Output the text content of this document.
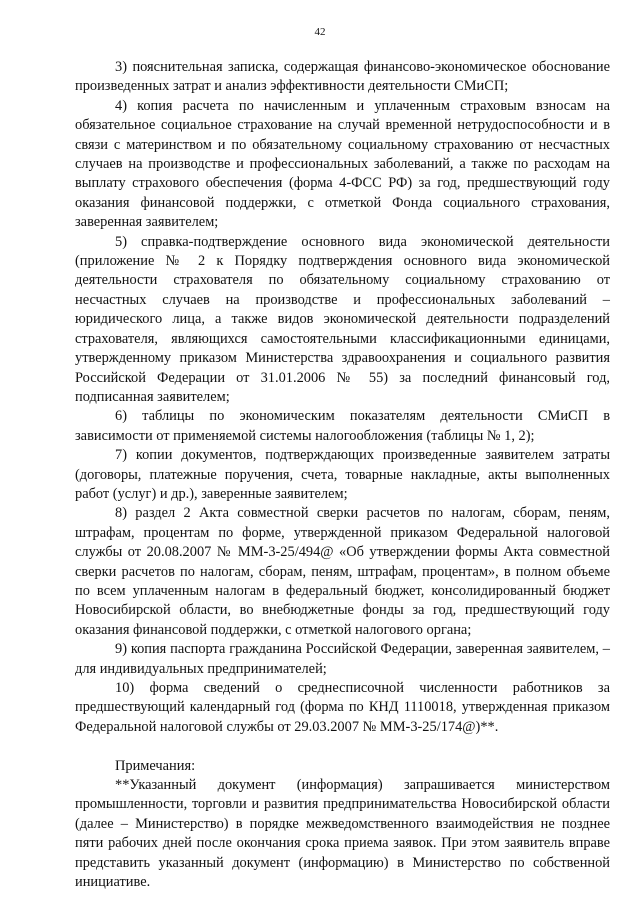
42

3) пояснительная записка, содержащая финансово-экономическое обоснование произведенных затрат и анализ эффективности деятельности СМиСП;

4) копия расчета по начисленным и уплаченным страховым взносам на обязательное социальное страхование на случай временной нетрудоспособности и в связи с материнством и по обязательному социальному страхованию от несчастных случаев на производстве и профессиональных заболеваний, а также по расходам на выплату страхового обеспечения (форма 4-ФСС РФ) за год, предшествующий году оказания финансовой поддержки, с отметкой Фонда социального страхования, заверенная заявителем;

5) справка-подтверждение основного вида экономической деятельности (приложение № 2 к Порядку подтверждения основного вида экономической деятельности страхователя по обязательному социальному страхованию от несчастных случаев на производстве и профессиональных заболеваний – юридического лица, а также видов экономической деятельности подразделений страхователя, являющихся самостоятельными классификационными единицами, утвержденному приказом Министерства здравоохранения и социального развития Российской Федерации от 31.01.2006 № 55) за последний финансовый год, подписанная заявителем;

6) таблицы по экономическим показателям деятельности СМиСП в зависимости от применяемой системы налогообложения (таблицы № 1, 2);

7) копии документов, подтверждающих произведенные заявителем затраты (договоры, платежные поручения, счета, товарные накладные, акты выполненных работ (услуг) и др.), заверенные заявителем;

8) раздел 2 Акта совместной сверки расчетов по налогам, сборам, пеням, штрафам, процентам по форме, утвержденной приказом Федеральной налоговой службы от 20.08.2007 № ММ-3-25/494@ «Об утверждении формы Акта совместной сверки расчетов по налогам, сборам, пеням, штрафам, процентам», в полном объеме по всем уплаченным налогам в федеральный бюджет, консолидированный бюджет Новосибирской области, во внебюджетные фонды за год, предшествующий году оказания финансовой поддержки, с отметкой налогового органа;

9) копия паспорта гражданина Российской Федерации, заверенная заявителем, – для индивидуальных предпринимателей;

10) форма сведений о среднесписочной численности работников за предшествующий календарный год (форма по КНД 1110018, утвержденная приказом Федеральной налоговой службы от 29.03.2007 № ММ-3-25/174@)**.

Примечания:

**Указанный документ (информация) запрашивается министерством промышленности, торговли и развития предпринимательства Новосибирской области (далее – Министерство) в порядке межведомственного взаимодействия не позднее пяти рабочих дней после окончания срока приема заявок. При этом заявитель вправе представить указанный документ (информацию) в Министерство по собственной инициативе.
